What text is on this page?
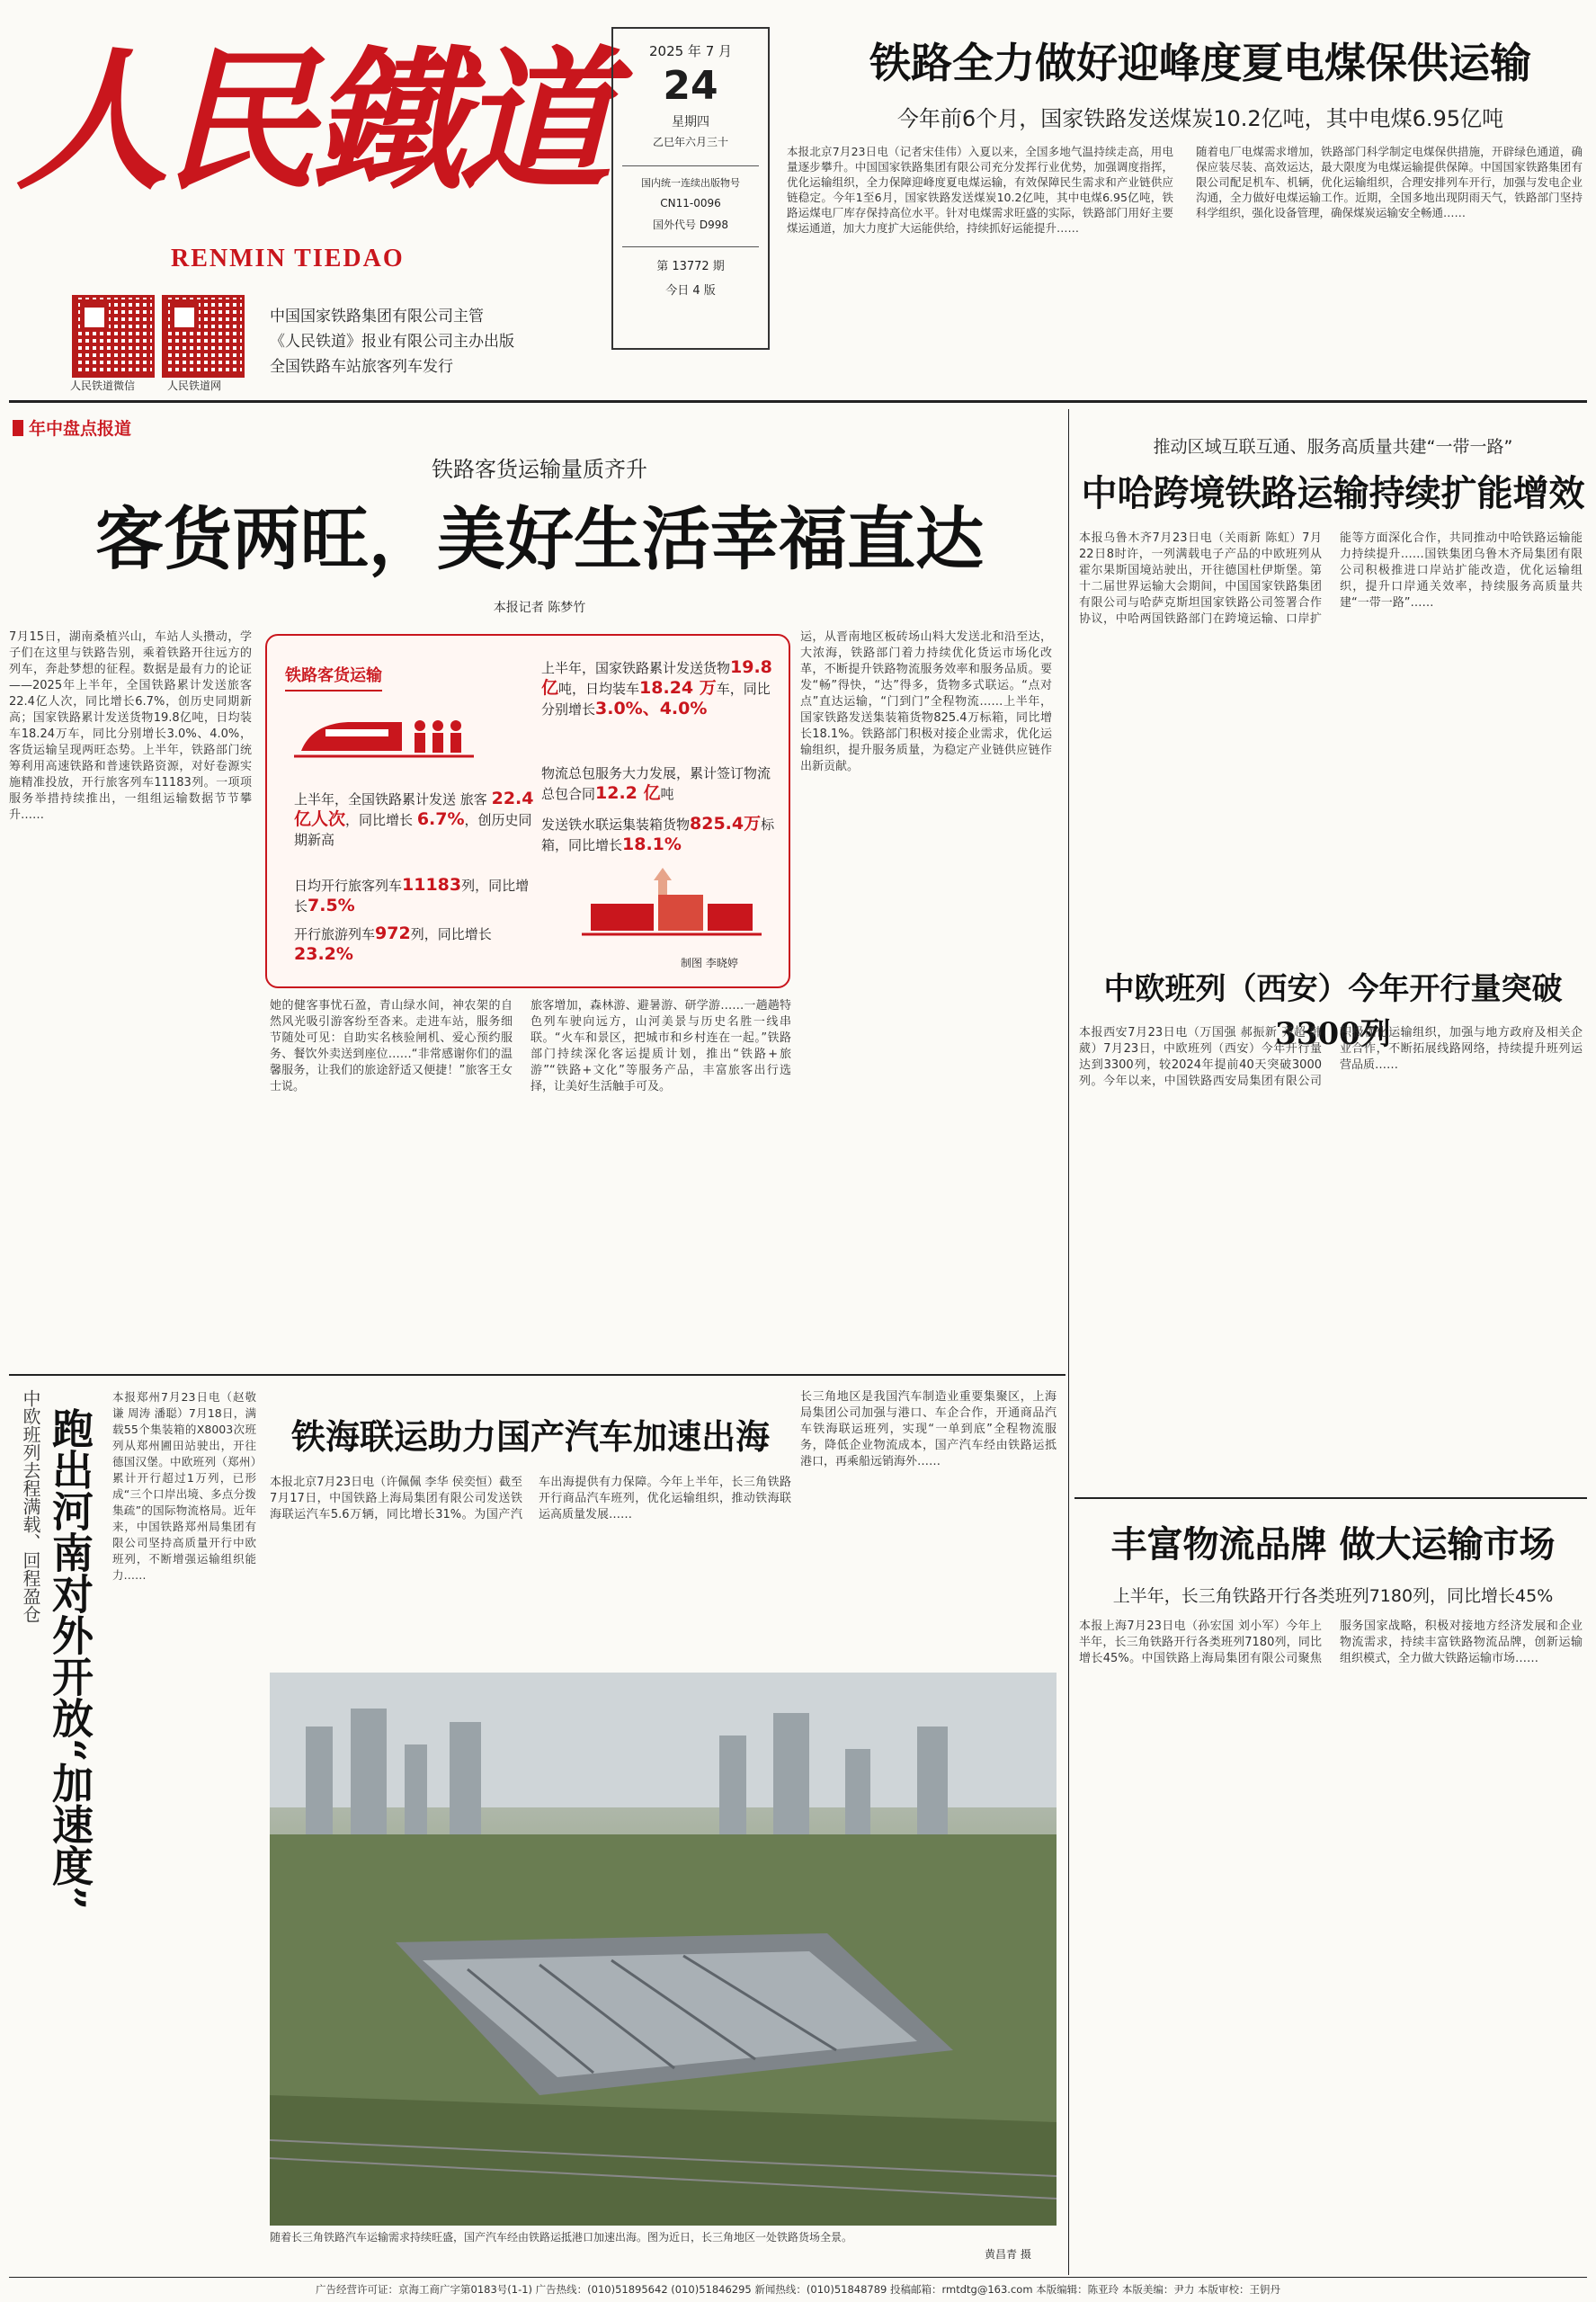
人民鐵道
RENMIN TIEDAO
人民铁道微信	人民铁道网
中国国家铁路集团有限公司主管
《人民铁道》报业有限公司主办出版
全国铁路车站旅客列车发行
2025 年 7 月
24
星期四
乙巳年六月三十
国内统一连续出版物号
CN11-0096
国外代号 D998
第 13772 期
今日 4 版
铁路全力做好迎峰度夏电煤保供运输
今年前6个月，国家铁路发送煤炭10.2亿吨，其中电煤6.95亿吨
本报北京7月23日电（记者宋佳伟）入夏以来，全国多地气温持续走高，用电量逐步攀升。中国国家铁路集团有限公司充分发挥行业优势，加强调度指挥，优化运输组织，全力保障迎峰度夏电煤运输，有效保障民生需求和产业链供应链稳定。今年1至6月，国家铁路发送煤炭10.2亿吨，其中电煤6.95亿吨，铁路运煤电厂库存保持高位水平。针对电煤需求旺盛的实际，铁路部门用好主要煤运通道，加大力度扩大运能供给，持续抓好运能提升……
随着电厂电煤需求增加，铁路部门科学制定电煤保供措施，开辟绿色通道，确保应装尽装、高效运达，最大限度为电煤运输提供保障。中国国家铁路集团有限公司配足机车、机辆，优化运输组织，合理安排列车开行，加强与发电企业沟通，全力做好电煤运输工作。近期，全国多地出现阴雨天气，铁路部门坚持科学组织，强化设备管理，确保煤炭运输安全畅通……
年中盘点报道
铁路客货运输量质齐升
客货两旺，美好生活幸福直达
本报记者 陈梦竹
7月15日，湖南桑植兴山，车站人头攒动，学子们在这里与铁路告别，乘着铁路开往远方的列车，奔赴梦想的征程。数据是最有力的论证——2025年上半年，全国铁路累计发送旅客22.4亿人次，同比增长6.7%，创历史同期新高；国家铁路累计发送货物19.8亿吨，日均装车18.24万车，同比分别增长3.0%、4.0%，客货运输呈现两旺态势。上半年，铁路部门统筹利用高速铁路和普速铁路资源，对好卷源实施精准投放，开行旅客列车11183列。一项项服务举措持续推出，一组组运输数据节节攀升……
铁路客货运输
上半年，全国铁路累计发送 旅客 22.4亿人次，同比增长 6.7%，创历史同期新高
日均开行旅客列车11183列，同比增长7.5%
开行旅游列车972列，同比增长23.2%
上半年，国家铁路累计发送货物19.8 亿吨，日均装车18.24 万车，同比分别增长3.0%、4.0%
物流总包服务大力发展，累计签订物流总包合同12.2 亿吨
发送铁水联运集装箱货物825.4万标箱，同比增长18.1%
制图 李晓婷
她的健客事忧石盈，青山绿水间，神农架的自然风光吸引游客纷至沓来。走进车站，服务细节随处可见：自助实名核验闸机、爱心预约服务、餐饮外卖送到座位……“非常感谢你们的温馨服务，让我们的旅途舒适又便捷！”旅客王女士说。
旅客增加，森林游、避暑游、研学游……一趟趟特色列车驶向远方，山河美景与历史名胜一线串联。“火车和景区，把城市和乡村连在一起。”铁路部门持续深化客运提质计划，推出“铁路+旅游”“铁路+文化”等服务产品，丰富旅客出行选择，让美好生活触手可及。
运，从晋南地区板砖场山料大发送北和沿至达，大浓海，铁路部门着力持续优化货运市场化改革，不断提升铁路物流服务效率和服务品质。要发“畅”得快，“达”得多，货物多式联运。“点对点”直达运输，“门到门”全程物流……上半年，国家铁路发送集装箱货物825.4万标箱，同比增长18.1%。铁路部门积极对接企业需求，优化运输组织，提升服务质量，为稳定产业链供应链作出新贡献。
推动区域互联互通、服务高质量共建“一带一路”
中哈跨境铁路运输持续扩能增效
本报乌鲁木齐7月23日电（关雨新 陈虹）7月22日8时许，一列满载电子产品的中欧班列从霍尔果斯国境站驶出，开往德国杜伊斯堡。第十二届世界运输大会期间，中国国家铁路集团有限公司与哈萨克斯坦国家铁路公司签署合作协议，中哈两国铁路部门在跨境运输、口岸扩能等方面深化合作，共同推动中哈铁路运输能力持续提升……国铁集团乌鲁木齐局集团有限公司积极推进口岸站扩能改造，优化运输组织，提升口岸通关效率，持续服务高质量共建“一带一路”……
中欧班列（西安）今年开行量突破3300列
本报西安7月23日电（万国强 郝振新 齐超 韩葳）7月23日，中欧班列（西安）今年开行量达到3300列，较2024年提前40天突破3000列。今年以来，中国铁路西安局集团有限公司积极优化运输组织，加强与地方政府及相关企业合作，不断拓展线路网络，持续提升班列运营品质……
丰富物流品牌 做大运输市场
上半年，长三角铁路开行各类班列7180列，同比增长45%
本报上海7月23日电（孙宏国 刘小军）今年上半年，长三角铁路开行各类班列7180列，同比增长45%。中国铁路上海局集团有限公司聚焦服务国家战略，积极对接地方经济发展和企业物流需求，持续丰富铁路物流品牌，创新运输组织模式，全力做大铁路运输市场……
中欧班列去程满载、回程盈仓 跑出河南对外开放“加速度”
本报郑州7月23日电（赵敬谦 周涛 潘聪）7月18日，满载55个集装箱的X8003次班列从郑州圃田站驶出，开往德国汉堡。中欧班列（郑州）累计开行超过1万列，已形成“三个口岸出境、多点分拨集疏”的国际物流格局。近年来，中国铁路郑州局集团有限公司坚持高质量开行中欧班列，不断增强运输组织能力……
铁海联运助力国产汽车加速出海
本报北京7月23日电（许佩佩 李华 侯奕恒）截至7月17日，中国铁路上海局集团有限公司发送铁海联运汽车5.6万辆，同比增长31%。为国产汽车出海提供有力保障。今年上半年，长三角铁路开行商品汽车班列，优化运输组织，推动铁海联运高质量发展……
长三角地区是我国汽车制造业重要集聚区，上海局集团公司加强与港口、车企合作，开通商品汽车铁海联运班列，实现“一单到底”全程物流服务，降低企业物流成本，国产汽车经由铁路运抵港口，再乘船远销海外……
随着长三角铁路汽车运输需求持续旺盛，国产汽车经由铁路运抵港口加速出海。图为近日，长三角地区一处铁路货场全景。
黄昌青 摄
广告经营许可证：京海工商广字第0183号(1-1) 广告热线：(010)51895642 (010)51846295 新闻热线：(010)51848789 投稿邮箱：rmtdtg@163.com 本版编辑：陈亚玲 本版美编：尹力 本版审校：王钥丹
